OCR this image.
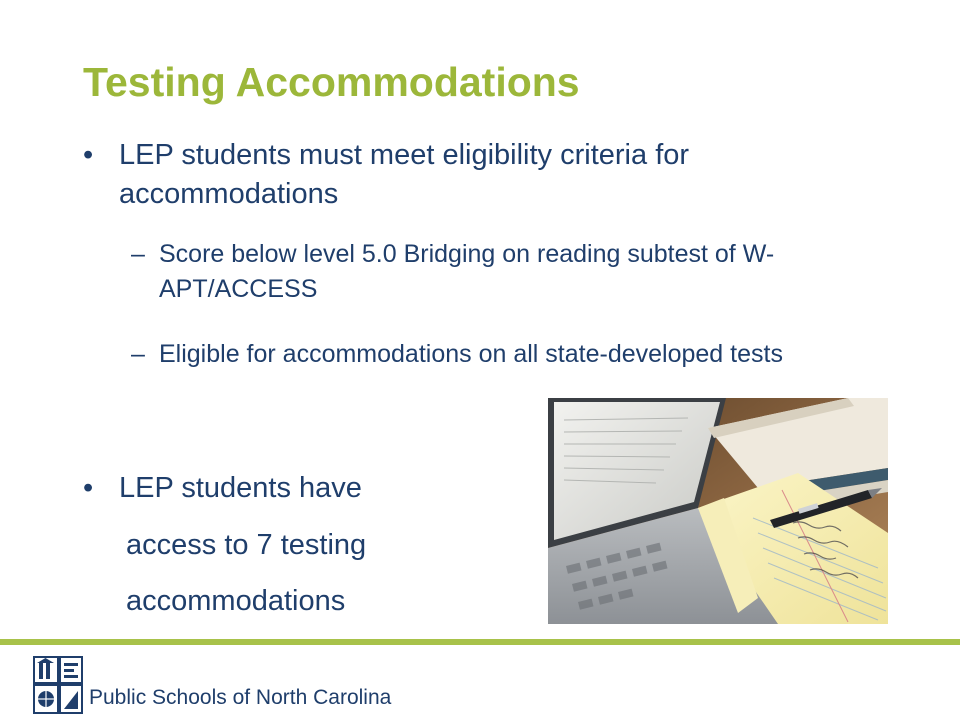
Testing Accommodations
• LEP students must meet eligibility criteria for accommodations
– Score below level 5.0 Bridging on reading subtest of W-APT/ACCESS
– Eligible for accommodations on all state-developed tests
• LEP students have
access to 7 testing
accommodations
Public Schools of North Carolina
